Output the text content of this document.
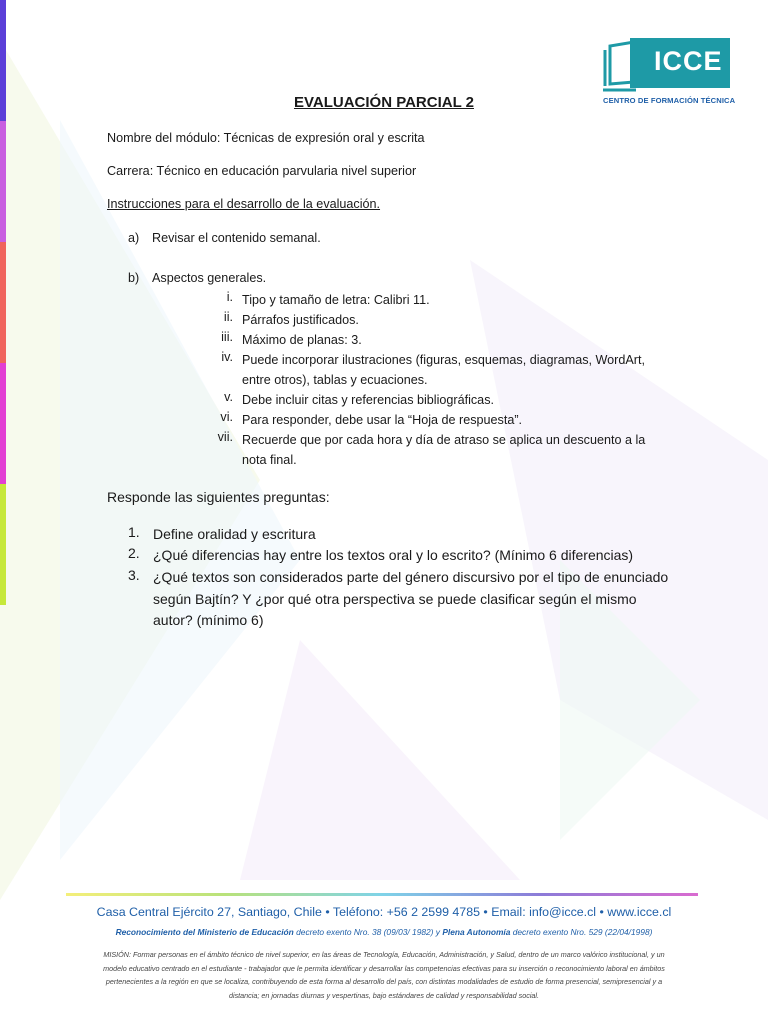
ICCE
CENTRO DE FORMACIÓN TÉCNICA
EVALUACIÓN PARCIAL 2
Nombre del módulo: Técnicas de expresión oral y escrita
Carrera: Técnico en educación parvularia nivel superior
Instrucciones para el desarrollo de la evaluación.
a) Revisar el contenido semanal.
b) Aspectos generales.
i. Tipo y tamaño de letra: Calibri 11.
ii. Párrafos justificados.
iii. Máximo de planas: 3.
iv. Puede incorporar ilustraciones (figuras, esquemas, diagramas, WordArt,
entre otros), tablas y ecuaciones.
v. Debe incluir citas y referencias bibliográficas.
vi. Para responder, debe usar la “Hoja de respuesta”.
vii. Recuerde que por cada hora y día de atraso se aplica un descuento a la
nota final.
Responde las siguientes preguntas:
1. Define oralidad y escritura
2. ¿Qué diferencias hay entre los textos oral y lo escrito? (Mínimo 6 diferencias)
3. ¿Qué textos son considerados parte del género discursivo por el tipo de enunciado
según Bajtín? Y ¿por qué otra perspectiva se puede clasificar según el mismo
autor? (mínimo 6)
Casa Central Ejército 27, Santiago, Chile • Teléfono: +56 2 2599 4785 • Email: info@icce.cl • www.icce.cl
Reconocimiento del Ministerio de Educación decreto exento Nro. 38 (09/03/ 1982) y Plena Autonomía decreto exento Nro. 529 (22/04/1998)
MISIÓN: Formar personas en el ámbito técnico de nivel superior, en las áreas de Tecnología, Educación, Administración, y Salud, dentro de un marco valórico institucional, y un
modelo educativo centrado en el estudiante - trabajador que le permita identificar y desarrollar las competencias efectivas para su inserción o reconocimiento laboral en ámbitos
pertenecientes a la región en que se localiza, contribuyendo de esta forma al desarrollo del país, con distintas modalidades de estudio de forma presencial, semipresencial y a
distancia; en jornadas diurnas y vespertinas, bajo estándares de calidad y responsabilidad social.
